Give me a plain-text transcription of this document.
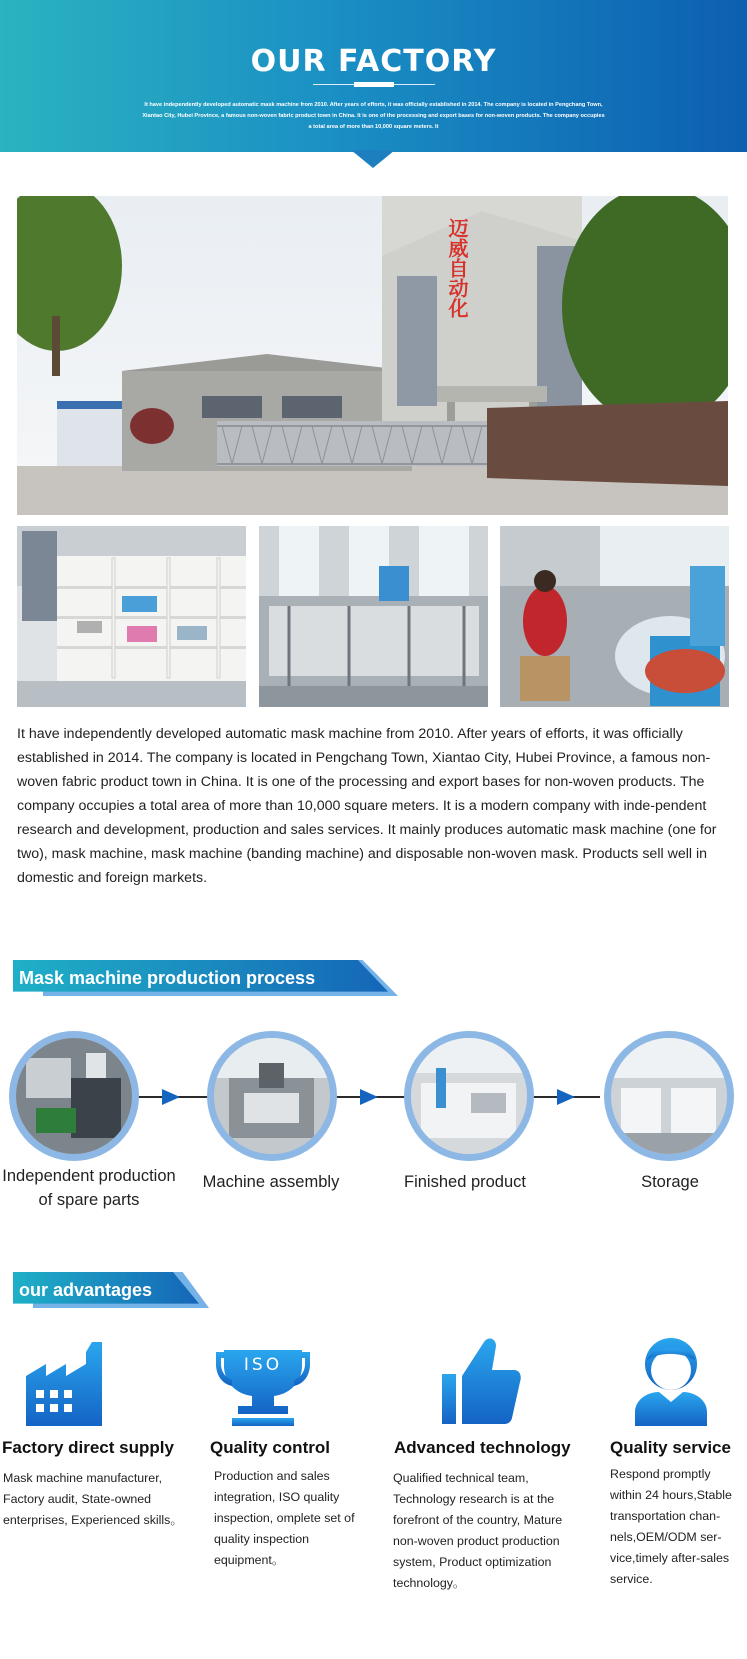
OUR FACTORY

It have independently developed automatic mask machine from 2010. After years of efforts, it was officially established in 2014. The company is located in Pengchang Town, Xiantao City, Hubei Province, a famous non-woven fabric product town in China. It is one of the processing and export bases for non-woven products. The company occupies a total area of more than 10,000 square meters. It

迈威自动化

It have independently developed automatic mask machine from 2010. After years of efforts, it was officially established in 2014. The company is located in Pengchang Town, Xiantao City, Hubei Province, a famous non-woven fabric product town in China. It is one of the processing and export bases for non-woven products. The company occupies a total area of more than 10,000 square meters. It is a modern company with inde-pendent research and development, production and sales services. It mainly produces automatic mask machine (one for two), mask machine, mask machine (banding machine) and disposable non-woven mask. Products sell well in domestic and foreign markets.

Mask machine production process
Independent production of spare parts
Machine assembly	Finished product	Storage
our advantages
ISO
Factory direct supply Quality control	Advanced technology Quality service

Mask machine manufacturer, Factory audit, State-owned enterprises, Experienced skills。

Production and sales integration, ISO quality inspection, omplete set of quality inspection equipment。

Qualified technical team, Technology research is at the forefront of the country, Mature non-woven product production system, Product optimization technology。

Respond promptly within 24 hours,Stable transportation chan-nels,OEM/ODM ser-vice,timely after-sales service.
